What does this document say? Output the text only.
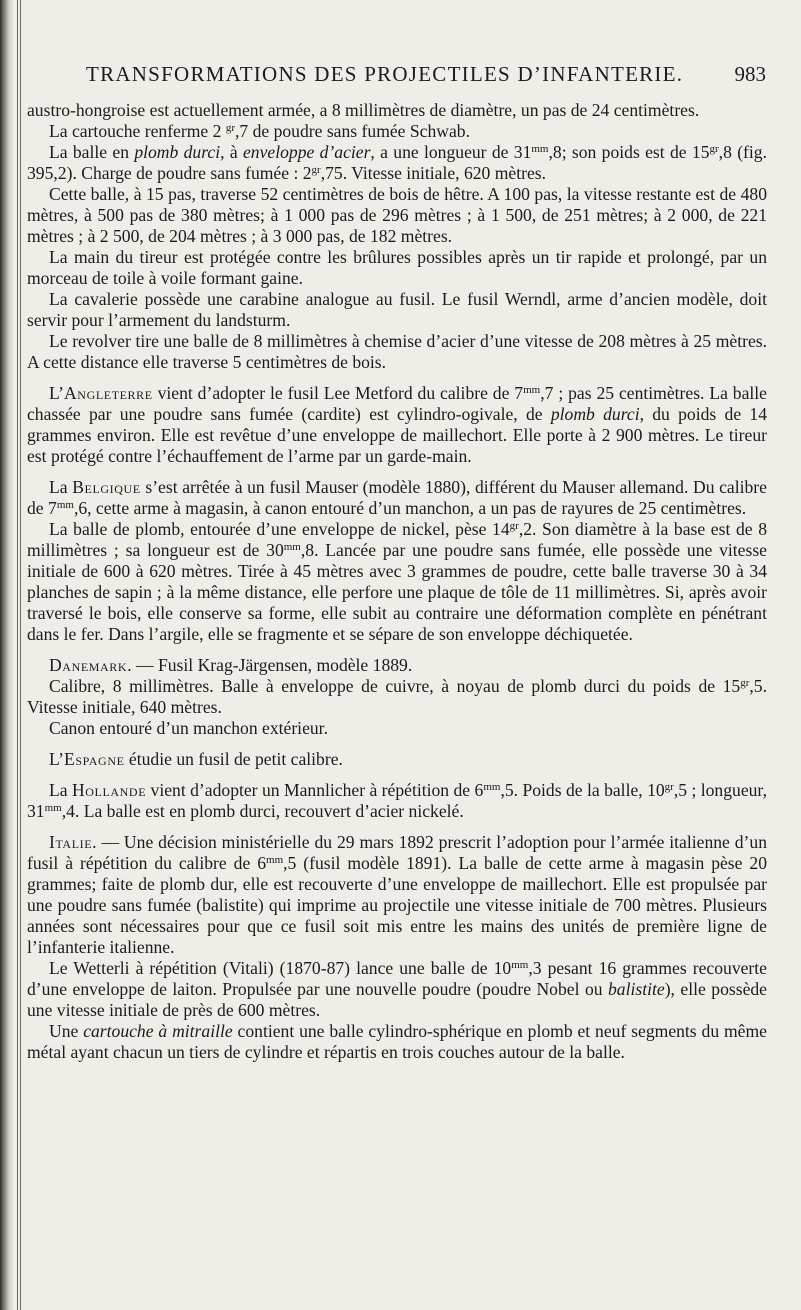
TRANSFORMATIONS DES PROJECTILES D’INFANTERIE. 983

austro-hongroise est actuellement armée, a 8 millimètres de diamètre, un pas de 24 centimètres.

La cartouche renferme 2 $^{gr}$,7 de poudre sans fumée Schwab.

La balle en plomb durci, à enveloppe d’acier, a une longueur de $31^{mm},8$; son poids est de $15^{gr},8$ (fig. 395,2). Charge de poudre sans fumée : $2^{gr},75$. Vitesse initiale, 620 mètres.

Cette balle, à 15 pas, traverse 52 centimètres de bois de hêtre. A 100 pas, la vitesse restante est de 480 mètres, à 500 pas de 380 mètres; à 1 000 pas de 296 mètres ; à 1 500, de 251 mètres; à 2 000, de 221 mètres ; à 2 500, de 204 mètres ; à 3 000 pas, de 182 mètres.

La main du tireur est protégée contre les brûlures possibles après un tir rapide et prolongé, par un morceau de toile à voile formant gaine.

La cavalerie possède une carabine analogue au fusil. Le fusil Werndl, arme d’ancien modèle, doit servir pour l’armement du landsturm.

Le revolver tire une balle de 8 millimètres à chemise d’acier d’une vitesse de 208 mètres à 25 mètres. A cette distance elle traverse 5 centimètres de bois.

L’Angleterre vient d’adopter le fusil Lee Metford du calibre de $7^{mm},7$ ; pas 25 centimètres. La balle chassée par une poudre sans fumée (cardite) est cylindro-ogivale, de plomb durci, du poids de 14 grammes environ. Elle est revêtue d’une enveloppe de maillechort. Elle porte à 2 900 mètres. Le tireur est protégé contre l’échauffement de l’arme par un garde-main.

La Belgique s’est arrêtée à un fusil Mauser (modèle 1880), différent du Mauser allemand. Du calibre de $7^{mm},6$, cette arme à magasin, à canon entouré d’un manchon, a un pas de rayures de 25 centimètres.

La balle de plomb, entourée d’une enveloppe de nickel, pèse $14^{gr},2$. Son diamètre à la base est de 8 millimètres ; sa longueur est de $30^{mm},8$. Lancée par une poudre sans fumée, elle possède une vitesse initiale de 600 à 620 mètres. Tirée à 45 mètres avec 3 grammes de poudre, cette balle traverse 30 à 34 planches de sapin ; à la même distance, elle perfore une plaque de tôle de 11 millimètres. Si, après avoir traversé le bois, elle conserve sa forme, elle subit au contraire une déformation complète en pénétrant dans le fer. Dans l’argile, elle se fragmente et se sépare de son enveloppe déchiquetée.

Danemark. — Fusil Krag-Järgensen, modèle 1889.

Calibre, 8 millimètres. Balle à enveloppe de cuivre, à noyau de plomb durci du poids de $15^{gr},5$. Vitesse initiale, 640 mètres.

Canon entouré d’un manchon extérieur.

L’Espagne étudie un fusil de petit calibre.

La Hollande vient d’adopter un Mannlicher à répétition de $6^{mm},5$. Poids de la balle, $10^{gr},5$ ; longueur, $31^{mm},4$. La balle est en plomb durci, recouvert d’acier nickelé.

Italie. — Une décision ministérielle du 29 mars 1892 prescrit l’adoption pour l’armée italienne d’un fusil à répétition du calibre de $6^{mm},5$ (fusil modèle 1891). La balle de cette arme à magasin pèse 20 grammes; faite de plomb dur, elle est recouverte d’une enveloppe de maillechort. Elle est propulsée par une poudre sans fumée (balistite) qui imprime au projectile une vitesse initiale de 700 mètres. Plusieurs années sont nécessaires pour que ce fusil soit mis entre les mains des unités de première ligne de l’infanterie italienne.

Le Wetterli à répétition (Vitali) (1870-87) lance une balle de $10^{mm},3$ pesant 16 grammes recouverte d’une enveloppe de laiton. Propulsée par une nouvelle poudre (poudre Nobel ou balistite), elle possède une vitesse initiale de près de 600 mètres.

Une cartouche à mitraille contient une balle cylindro-sphérique en plomb et neuf segments du même métal ayant chacun un tiers de cylindre et répartis en trois couches autour de la balle.
